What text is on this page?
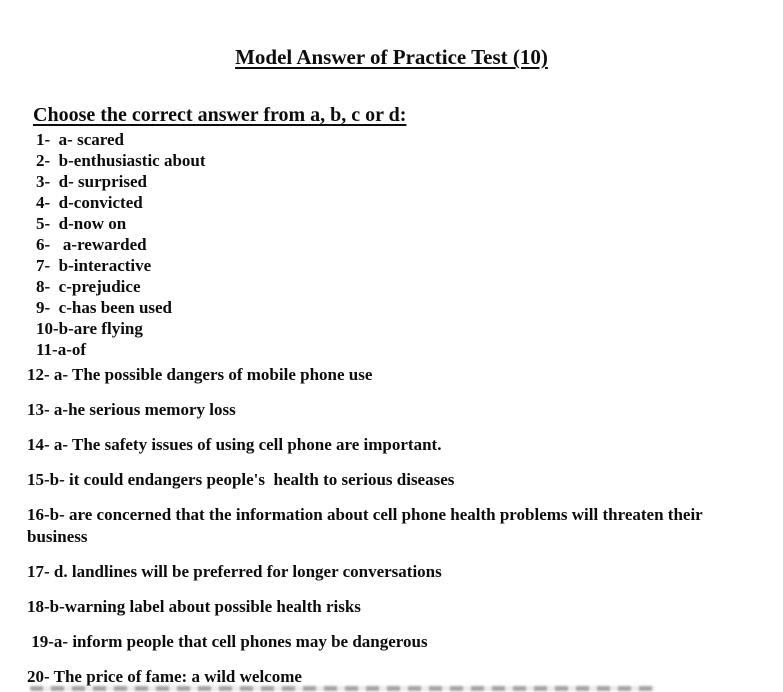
Model Answer of Practice Test (10)
Choose the correct answer from a, b, c or d:
1-  a- scared
2-  b-enthusiastic about
3-  d- surprised
4-  d-convicted
5-  d-now on
6-   a-rewarded
7-  b-interactive
8-  c-prejudice
9-  c-has been used
10-b-are flying
11-a-of
12- a- The possible dangers of mobile phone use
13- a-he serious memory loss
14- a- The safety issues of using cell phone are important.
15-b- it could endangers people's  health to serious diseases
16-b- are concerned that the information about cell phone health problems will threaten their business
17- d. landlines will be preferred for longer conversations
18-b-warning label about possible health risks
19-a- inform people that cell phones may be dangerous
20- The price of fame: a wild welcome
